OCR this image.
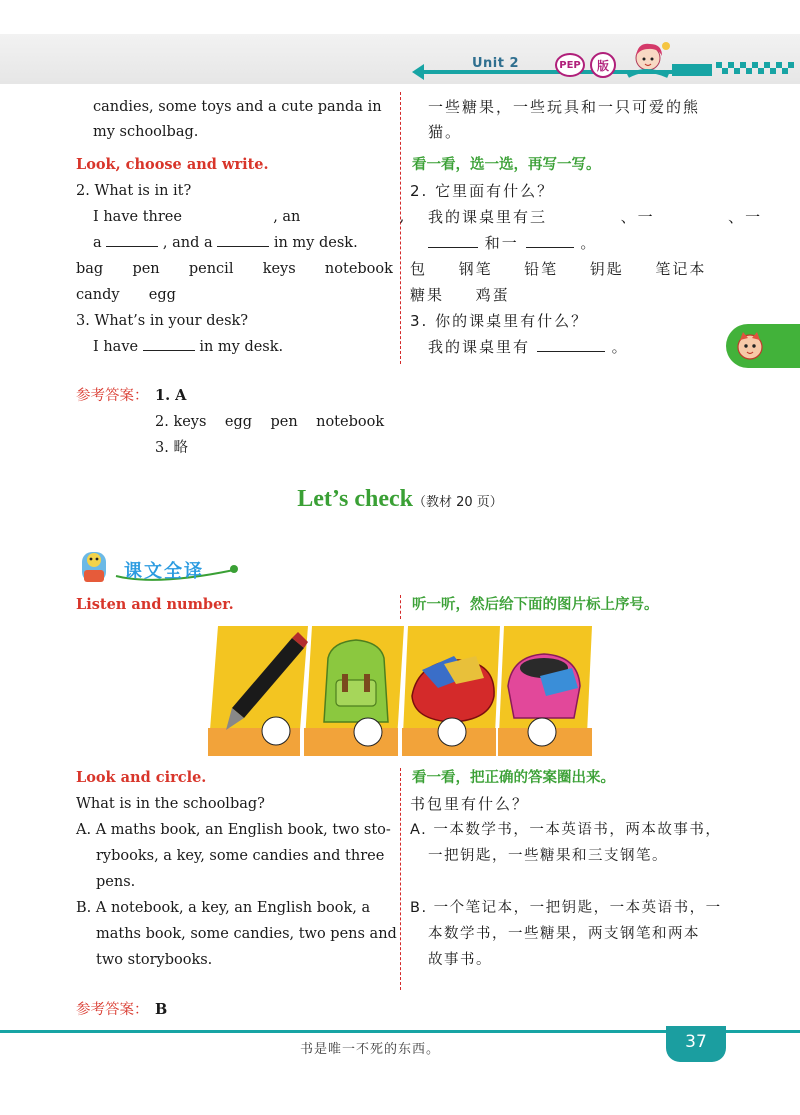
Unit 2	PEP	版
candies, some toys and a cute panda in
my schoolbag.
一些糖果，一些玩具和一只可爱的熊
猫。
Look, choose and write.	看一看，选一选，再写一写。
2. What is in it?	2. 它里面有什么？
I have three	, an	,
a	, and a	in my desk.
我的课桌里有三	、一	、一
和一	。
bag pen pencil keys notebook
candy egg
包 钢笔 铅笔 钥匙 笔记本
糖果 鸡蛋
3. What’s in your desk?	3. 你的课桌里有什么？
I have	in my desk.	我的课桌里有	。
参考答案： 1. A
2. keys    egg    pen    notebook
3. 略
Let’s check（教材 20 页）
课文全译
Listen and number.	听一听，然后给下面的图片标上序号。
Look and circle.	看一看，把正确的答案圈出来。
What is in the schoolbag?	书包里有什么？
A. A maths book, an English book, two sto-
rybooks, a key, some candies and three
pens.
A. 一本数学书，一本英语书，两本故事书，
一把钥匙，一些糖果和三支钢笔。
B. A notebook, a key, an English book, a
maths book, some candies, two pens and
two storybooks.
B. 一个笔记本，一把钥匙，一本英语书，一
本数学书，一些糖果，两支钢笔和两本
故事书。
参考答案： B
书是唯一不死的东西。	37
